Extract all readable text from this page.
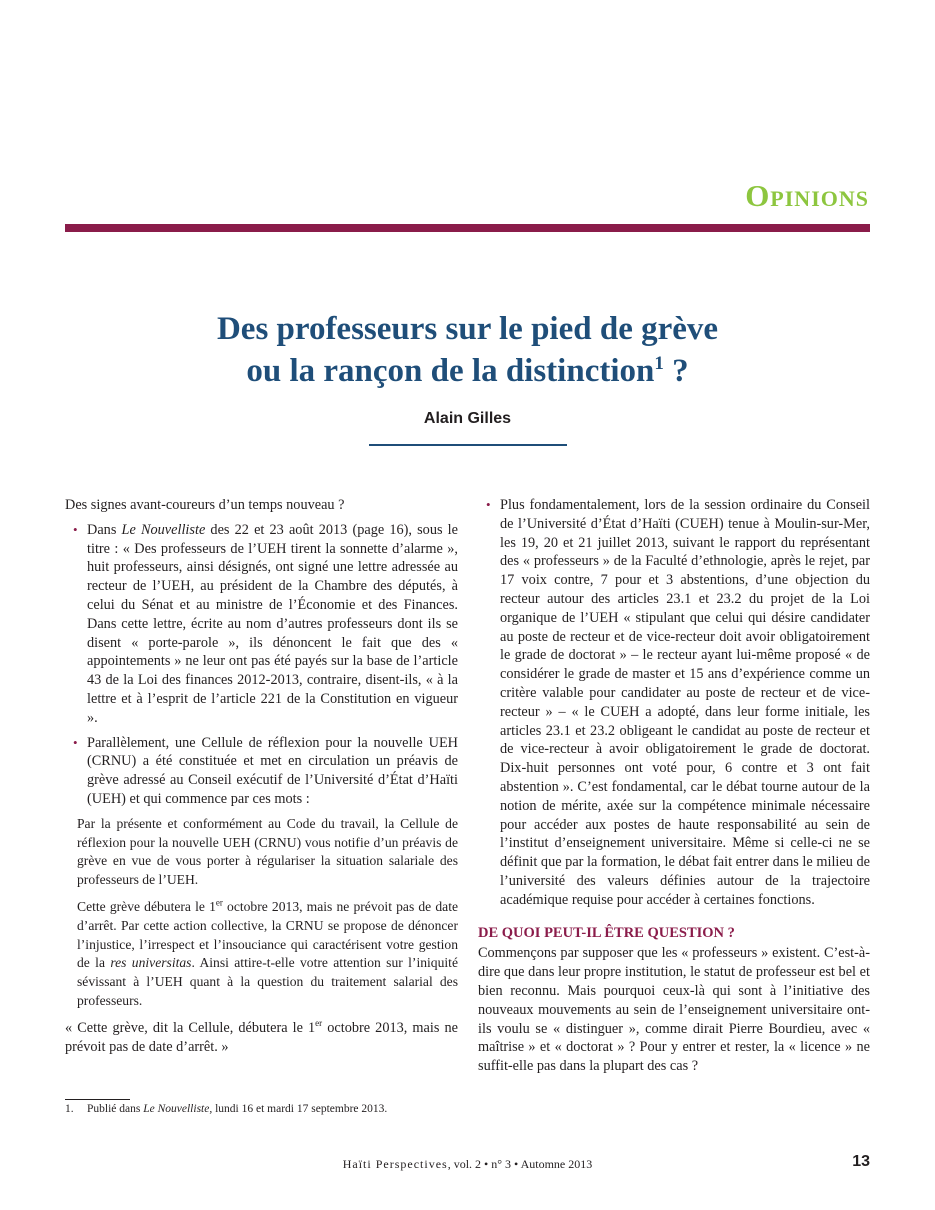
Opinions
Des professeurs sur le pied de grève
ou la rançon de la distinction$^1$ ?
Alain Gilles

Des signes avant-coureurs d’un temps nouveau ?

• Dans Le Nouvelliste des 22 et 23 août 2013 (page 16), sous le titre : « Des professeurs de l’UEH tirent la sonnette d’alarme », huit professeurs, ainsi désignés, ont signé une lettre adressée au recteur de l’UEH, au président de la Chambre des députés, à celui du Sénat et au ministre de l’Économie et des Finances. Dans cette lettre, écrite au nom d’autres professeurs dont ils se disent « porte-parole », ils dénoncent le fait que des « appointements » ne leur ont pas été payés sur la base de l’article 43 de la Loi des finances 2012-2013, contraire, disent-ils, « à la lettre et à l’esprit de l’article 221 de la Constitution en vigueur ».
• Parallèlement, une Cellule de réflexion pour la nouvelle UEH (CRNU) a été constituée et met en circulation un préavis de grève adressé au Conseil exécutif de l’Université d’État d’Haïti (UEH) et qui commence par ces mots :

Par la présente et conformément au Code du travail, la Cellule de réflexion pour la nouvelle UEH (CRNU) vous notifie d’un préavis de grève en vue de vous porter à régulariser la situation salariale des professeurs de l’UEH.

Cette grève débutera le 1er octobre 2013, mais ne prévoit pas de date d’arrêt. Par cette action collective, la CRNU se propose de dénoncer l’injustice, l’irrespect et l’insouciance qui caractérisent votre gestion de la res universitas. Ainsi attire-t-elle votre attention sur l’iniquité sévissant à l’UEH quant à la question du traitement salarial des professeurs.

« Cette grève, dit la Cellule, débutera le 1er octobre 2013, mais ne prévoit pas de date d’arrêt. »

• Plus fondamentalement, lors de la session ordinaire du Conseil de l’Université d’État d’Haïti (CUEH) tenue à Moulin-sur-Mer, les 19, 20 et 21 juillet 2013, suivant le rapport du représentant des « professeurs » de la Faculté d’ethnologie, après le rejet, par 17 voix contre, 7 pour et 3 abstentions, d’une objection du recteur autour des articles 23.1 et 23.2 du projet de la Loi organique de l’UEH « stipulant que celui qui désire candidater au poste de recteur et de vice-recteur doit avoir obligatoirement le grade de doctorat » – le recteur ayant lui-même proposé « de considérer le grade de master et 15 ans d’expérience comme un critère valable pour candidater au poste de recteur et de vice-recteur » – « le CUEH a adopté, dans leur forme initiale, les articles 23.1 et 23.2 obligeant le candidat au poste de recteur et de vice-recteur à avoir obligatoirement le grade de doctorat. Dix-huit personnes ont voté pour, 6 contre et 3 ont fait abstention ». C’est fondamental, car le débat tourne autour de la notion de mérite, axée sur la compétence minimale nécessaire pour accéder aux postes de haute responsabilité au sein de l’institut d’enseignement universitaire. Même si celle-ci ne se définit que par la formation, le débat fait entrer dans le milieu de l’université des valeurs définies autour de la trajectoire académique requise pour accéder à certaines fonctions.
DE QUOI PEUT-IL ÊTRE QUESTION ?

Commençons par supposer que les « professeurs » existent. C’est-à-dire que dans leur propre institution, le statut de professeur est bel et bien reconnu. Mais pourquoi ceux-là qui sont à l’initiative des nouveaux mouvements au sein de l’enseignement universitaire ont-ils voulu se « distinguer », comme dirait Pierre Bourdieu, avec « maîtrise » et « doctorat » ? Pour y entrer et rester, la « licence » ne suffit-elle pas dans la plupart des cas ?

1. Publié dans Le Nouvelliste, lundi 16 et mardi 17 septembre 2013.
Haïti Perspectives, vol. 2 • n° 3 • Automne 2013	13
